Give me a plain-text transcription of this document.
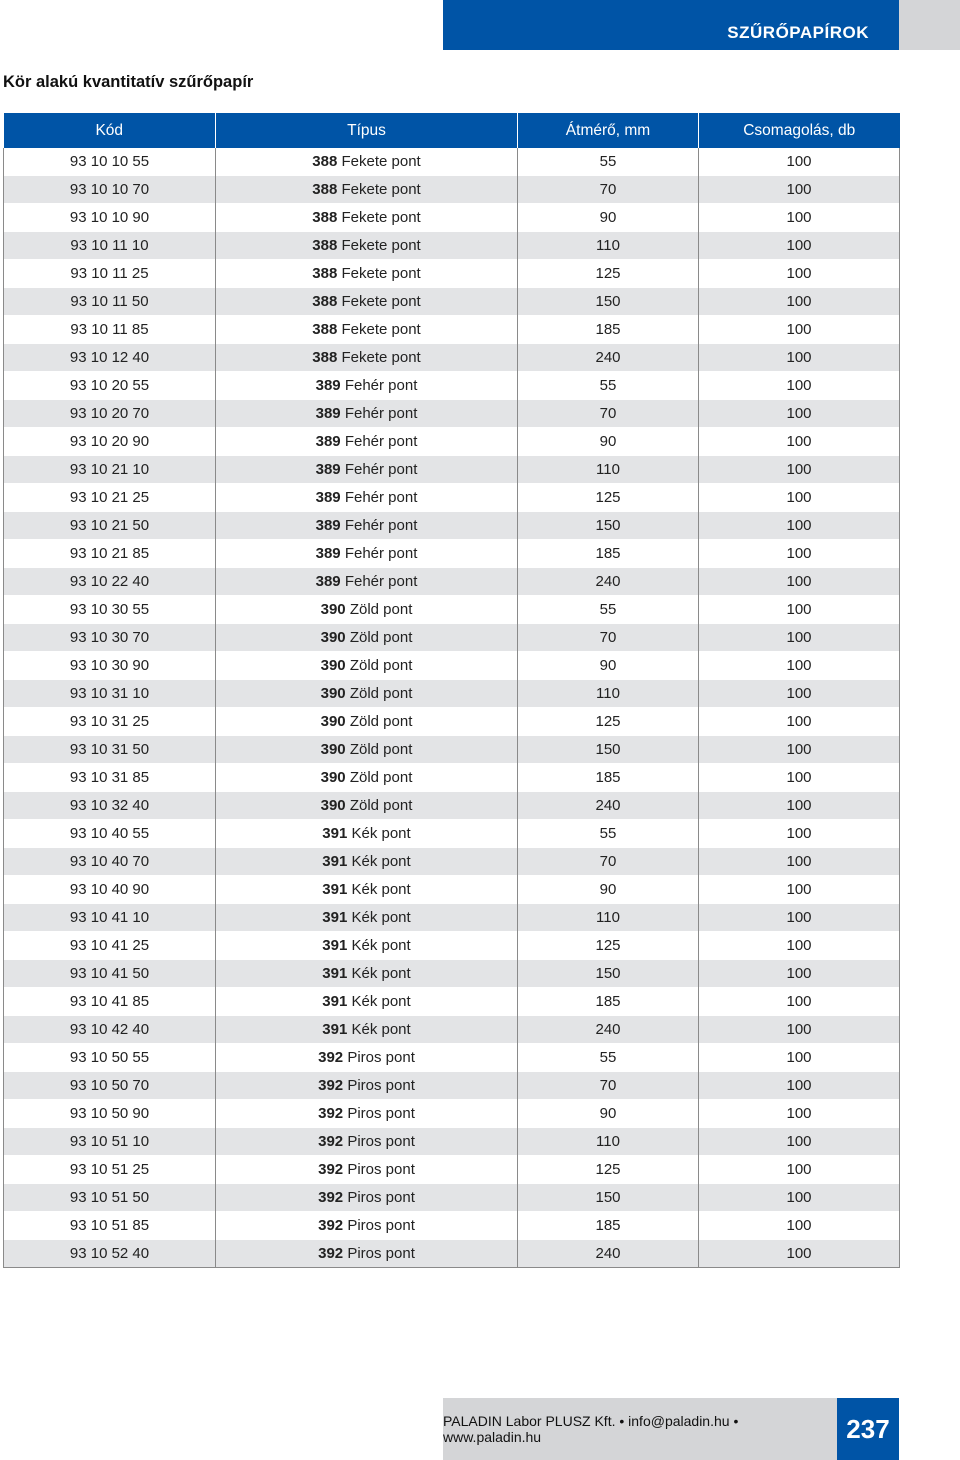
SZŰRŐPAPÍROK
Kör alakú kvantitatív szűrőpapír
Kód	Típus	Átmérő, mm	Csomagolás, db
93 10 10 55	388 Fekete pont	55	100
93 10 10 70	388 Fekete pont	70	100
93 10 10 90	388 Fekete pont	90	100
93 10 11 10	388 Fekete pont	110	100
93 10 11 25	388 Fekete pont	125	100
93 10 11 50	388 Fekete pont	150	100
93 10 11 85	388 Fekete pont	185	100
93 10 12 40	388 Fekete pont	240	100
93 10 20 55	389 Fehér pont	55	100
93 10 20 70	389 Fehér pont	70	100
93 10 20 90	389 Fehér pont	90	100
93 10 21 10	389 Fehér pont	110	100
93 10 21 25	389 Fehér pont	125	100
93 10 21 50	389 Fehér pont	150	100
93 10 21 85	389 Fehér pont	185	100
93 10 22 40	389 Fehér pont	240	100
93 10 30 55	390 Zöld pont	55	100
93 10 30 70	390 Zöld pont	70	100
93 10 30 90	390 Zöld pont	90	100
93 10 31 10	390 Zöld pont	110	100
93 10 31 25	390 Zöld pont	125	100
93 10 31 50	390 Zöld pont	150	100
93 10 31 85	390 Zöld pont	185	100
93 10 32 40	390 Zöld pont	240	100
93 10 40 55	391 Kék pont	55	100
93 10 40 70	391 Kék pont	70	100
93 10 40 90	391 Kék pont	90	100
93 10 41 10	391 Kék pont	110	100
93 10 41 25	391 Kék pont	125	100
93 10 41 50	391 Kék pont	150	100
93 10 41 85	391 Kék pont	185	100
93 10 42 40	391 Kék pont	240	100
93 10 50 55	392 Piros pont	55	100
93 10 50 70	392 Piros pont	70	100
93 10 50 90	392 Piros pont	90	100
93 10 51 10	392 Piros pont	110	100
93 10 51 25	392 Piros pont	125	100
93 10 51 50	392 Piros pont	150	100
93 10 51 85	392 Piros pont	185	100
93 10 52 40	392 Piros pont	240	100
PALADIN Labor PLUSZ Kft. • info@paladin.hu • www.paladin.hu	237
